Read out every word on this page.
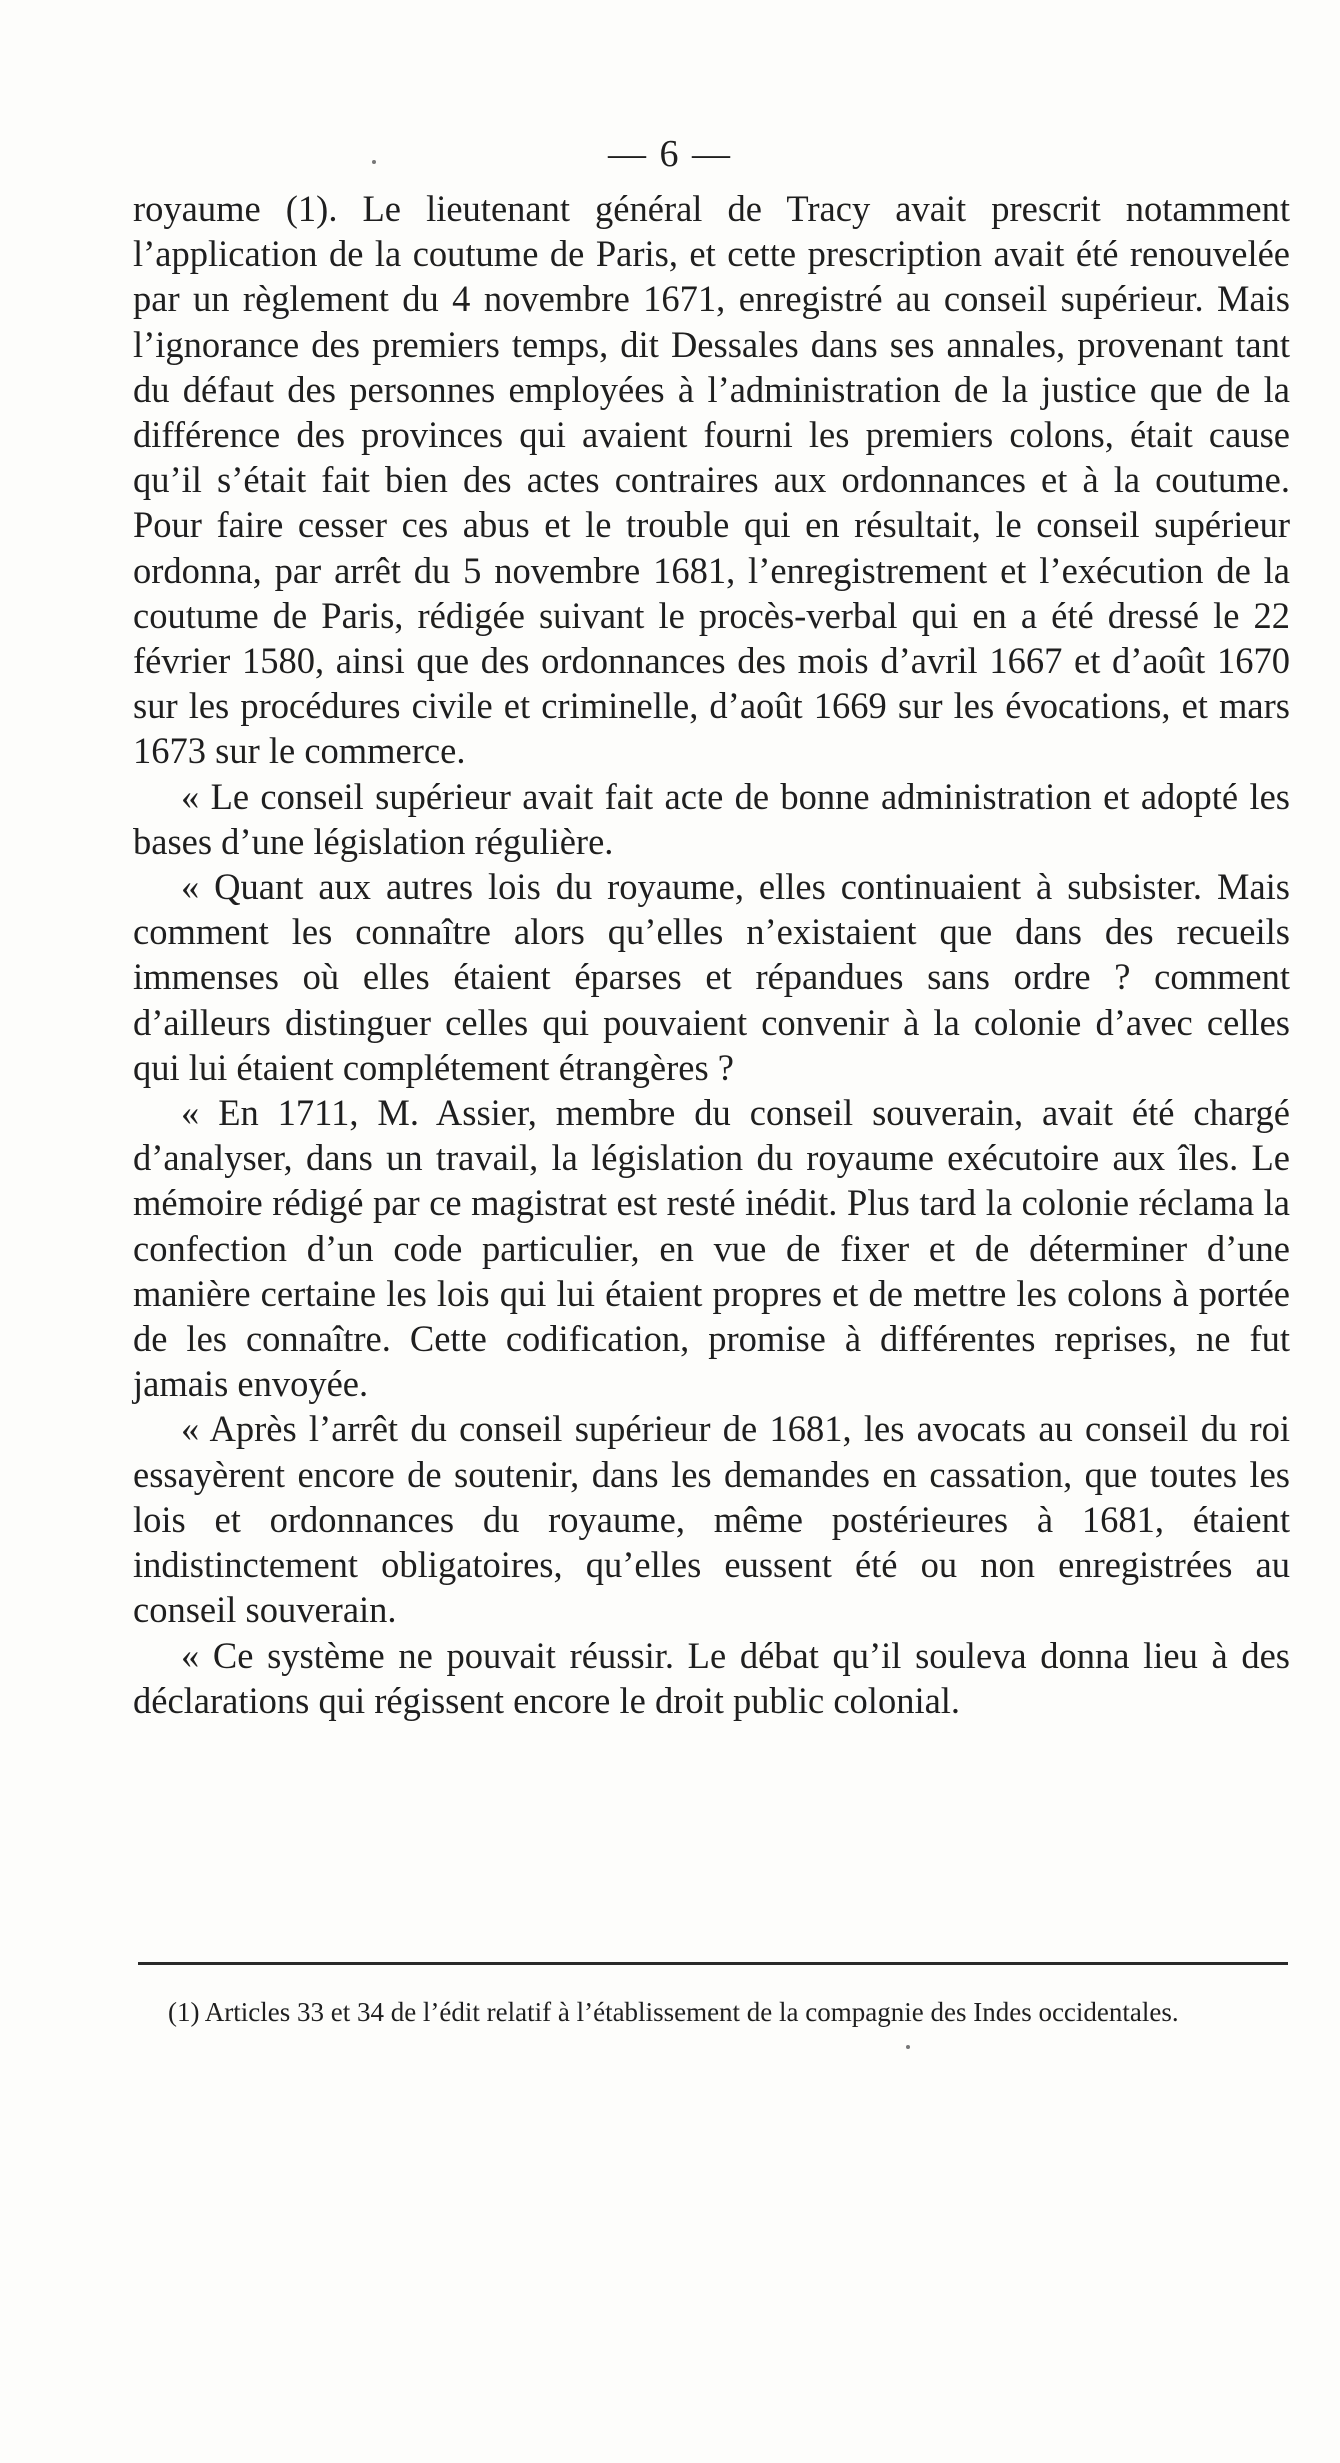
— 6 —

royaume (1). Le lieutenant général de Tracy avait prescrit notamment l’application de la coutume de Paris, et cette prescription avait été renouvelée par un règlement du 4 novembre 1671, enregistré au conseil supérieur. Mais l’ignorance des premiers temps, dit Dessales dans ses annales, provenant tant du défaut des personnes employées à l’administration de la justice que de la différence des provinces qui avaient fourni les premiers colons, était cause qu’il s’était fait bien des actes contraires aux ordonnances et à la coutume. Pour faire cesser ces abus et le trouble qui en résultait, le conseil supérieur ordonna, par arrêt du 5 novembre 1681, l’enregistrement et l’exécution de la coutume de Paris, rédigée suivant le procès-verbal qui en a été dressé le 22 février 1580, ainsi que des ordonnances des mois d’avril 1667 et d’août 1670 sur les procédures civile et criminelle, d’août 1669 sur les évocations, et mars 1673 sur le commerce.

« Le conseil supérieur avait fait acte de bonne administration et adopté les bases d’une législation régulière.

« Quant aux autres lois du royaume, elles continuaient à subsister. Mais comment les connaître alors qu’elles n’existaient que dans des recueils immenses où elles étaient éparses et répandues sans ordre ? comment d’ailleurs distinguer celles qui pouvaient convenir à la colonie d’avec celles qui lui étaient complétement étrangères ?

« En 1711, M. Assier, membre du conseil souverain, avait été chargé d’analyser, dans un travail, la législation du royaume exécutoire aux îles. Le mémoire rédigé par ce magistrat est resté inédit. Plus tard la colonie réclama la confection d’un code particulier, en vue de fixer et de déterminer d’une manière certaine les lois qui lui étaient propres et de mettre les colons à portée de les connaître. Cette codification, promise à différentes reprises, ne fut jamais envoyée.

« Après l’arrêt du conseil supérieur de 1681, les avocats au conseil du roi essayèrent encore de soutenir, dans les demandes en cassation, que toutes les lois et ordonnances du royaume, même postérieures à 1681, étaient indistinctement obligatoires, qu’elles eussent été ou non enregistrées au conseil souverain.

« Ce système ne pouvait réussir. Le débat qu’il souleva donna lieu à des déclarations qui régissent encore le droit public colonial.

(1) Articles 33 et 34 de l’édit relatif à l’établissement de la compagnie des Indes occidentales.
